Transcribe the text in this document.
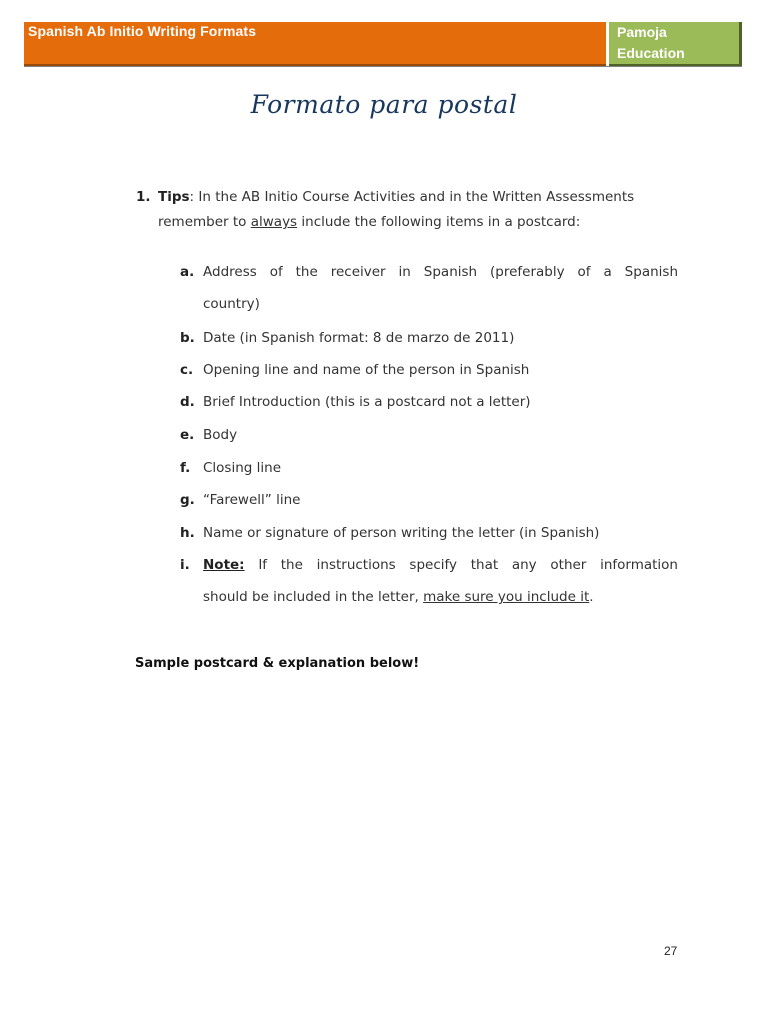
Spanish Ab Initio Writing Formats	Pamoja
Education
Formato para postal
1. Tips: In the AB Initio Course Activities and in the Written Assessments
remember to always include the following items in a postcard:
a. Address of the receiver in Spanish (preferably of a Spanish
country)
b. Date (in Spanish format: 8 de marzo de 2011)
c. Opening line and name of the person in Spanish
d. Brief Introduction (this is a postcard not a letter)
e. Body
f. Closing line
g. “Farewell” line
h. Name or signature of person writing the letter (in Spanish)
i. Note: If the instructions specify that any other information
should be included in the letter, make sure you include it.
Sample postcard & explanation below!
27
